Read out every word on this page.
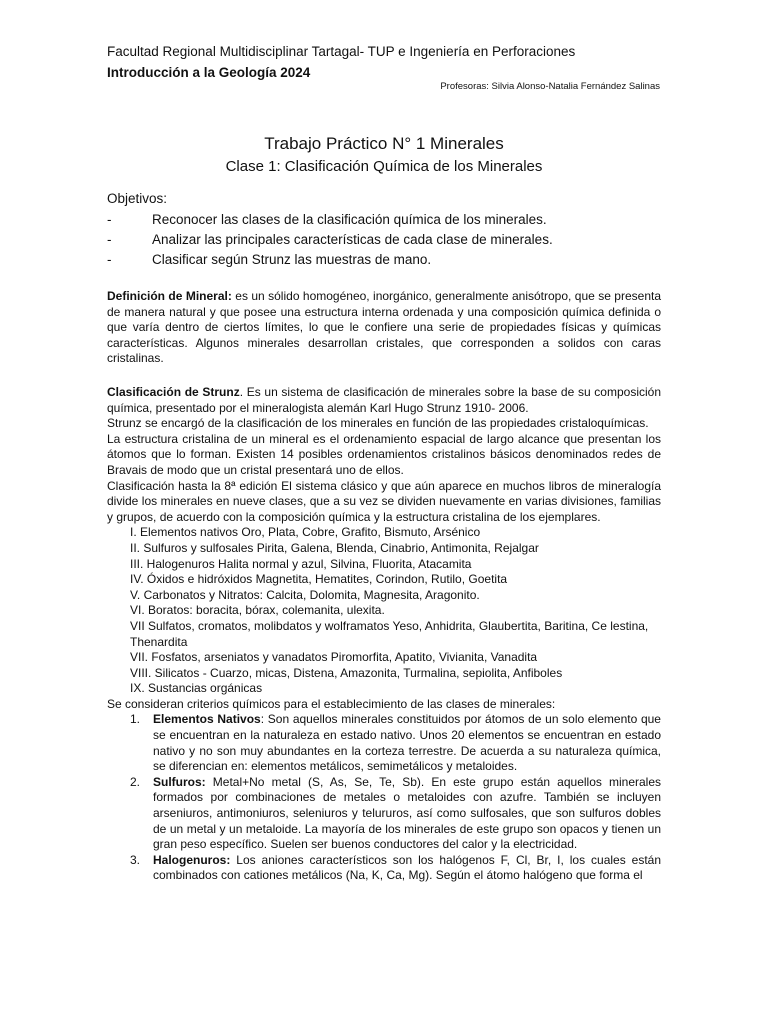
Facultad Regional Multidisciplinar Tartagal- TUP e Ingeniería en Perforaciones
Introducción a la Geología 2024
Profesoras: Silvia Alonso-Natalia Fernández Salinas
Trabajo Práctico N° 1 Minerales
Clase 1: Clasificación Química de los Minerales
Objetivos:
-	Reconocer las clases de la clasificación química de los minerales.
-	Analizar las principales características de cada clase de minerales.
-	Clasificar según Strunz las muestras de mano.
Definición de Mineral: es un sólido homogéneo, inorgánico, generalmente anisótropo, que se presenta de manera natural y que posee una estructura interna ordenada y una composición química definida o que varía dentro de ciertos límites, lo que le confiere una serie de propiedades físicas y químicas características. Algunos minerales desarrollan cristales, que corresponden a solidos con caras cristalinas.

Clasificación de Strunz. Es un sistema de clasificación de minerales sobre la base de su composición química, presentado por el mineralogista alemán Karl Hugo Strunz 1910- 2006.

Strunz se encargó de la clasificación de los minerales en función de las propiedades cristaloquímicas.

La estructura cristalina de un mineral es el ordenamiento espacial de largo alcance que presentan los átomos que lo forman. Existen 14 posibles ordenamientos cristalinos básicos denominados redes de Bravais de modo que un cristal presentará uno de ellos.

Clasificación hasta la 8ª edición El sistema clásico y que aún aparece en muchos libros de mineralogía divide los minerales en nueve clases, que a su vez se dividen nuevamente en varias divisiones, familias y grupos, de acuerdo con la composición química y la estructura cristalina de los ejemplares.

I. Elementos nativos Oro, Plata, Cobre, Grafito, Bismuto, Arsénico
II. Sulfuros y sulfosales Pirita, Galena, Blenda, Cinabrio, Antimonita, Rejalgar
III. Halogenuros Halita normal y azul, Silvina, Fluorita, Atacamita
IV. Óxidos e hidróxidos Magnetita, Hematites, Corindon, Rutilo, Goetita
V. Carbonatos y Nitratos: Calcita, Dolomita, Magnesita, Aragonito.
VI. Boratos: boracita, bórax, colemanita, ulexita.
VII Sulfatos, cromatos, molibdatos y wolframatos Yeso, Anhidrita, Glaubertita, Baritina, Ce lestina, Thenardita
VII. Fosfatos, arseniatos y vanadatos Piromorfita, Apatito, Vivianita, Vanadita
VIII. Silicatos - Cuarzo, micas, Distena, Amazonita, Turmalina, sepiolita, Anfiboles
IX. Sustancias orgánicas

Se consideran criterios químicos para el establecimiento de las clases de minerales:

1. Elementos Nativos: Son aquellos minerales constituidos por átomos de un solo elemento que se encuentran en la naturaleza en estado nativo. Unos 20 elementos se encuentran en estado nativo y no son muy abundantes en la corteza terrestre. De acuerda a su naturaleza química, se diferencian en: elementos metálicos, semimetálicos y metaloides.
2. Sulfuros: Metal+No metal (S, As, Se, Te, Sb). En este grupo están aquellos minerales formados por combinaciones de metales o metaloides con azufre. También se incluyen arseniuros, antimoniuros, seleniuros y telururos, así como sulfosales, que son sulfuros dobles de un metal y un metaloide. La mayoría de los minerales de este grupo son opacos y tienen un gran peso específico. Suelen ser buenos conductores del calor y la electricidad.
3. Halogenuros: Los aniones característicos son los halógenos F, Cl, Br, I, los cuales están combinados con cationes metálicos (Na, K, Ca, Mg). Según el átomo halógeno que forma el
